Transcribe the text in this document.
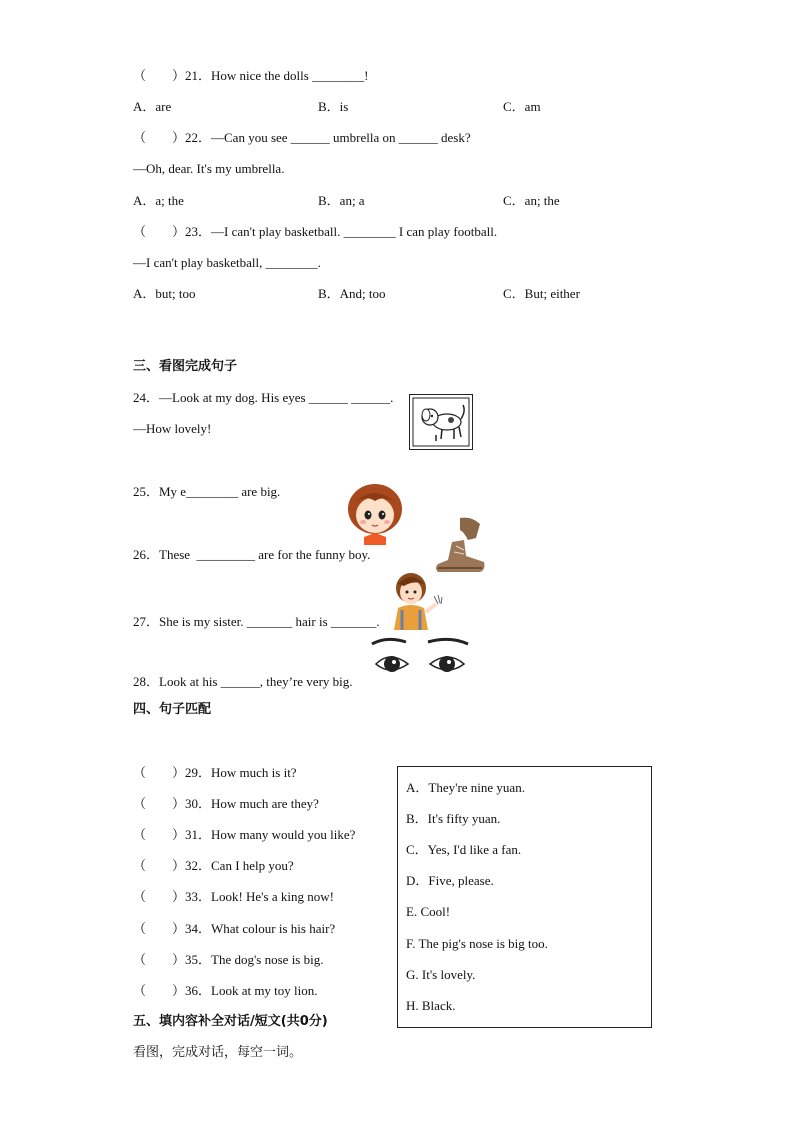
（　　）21．How nice the dolls ________!
A．are	B．is	C．am
（　　）22．—Can you see ______ umbrella on ______ desk?
—Oh, dear. It's my umbrella.
A．a; the	B．an; a	C．an; the
（　　）23．—I can't play basketball. ________ I can play football.
—I can't play basketball, ________.
A．but; too	B．And; too	C．But; either
三、看图完成句子
24．—Look at my dog. His eyes ______ ______.
—How lovely!
25．My e________ are big.
26．These  _________ are for the funny boy.
27．She is my sister. _______ hair is _______.
28．Look at his ______, they’re very big.
四、句子匹配
（　　）29．How much is it?
（　　）30．How much are they?
（　　）31．How many would you like?
（　　）32．Can I help you?
（　　）33．Look! He's a king now!
（　　）34．What colour is his hair?
（　　）35．The dog's nose is big.
（　　）36．Look at my toy lion.
A．They're nine yuan.
B．It's fifty yuan.
C．Yes, I'd like a fan.
D．Five, please.
E. Cool!
F. The pig's nose is big too.
G. It's lovely.
H. Black.
五、填内容补全对话/短文(共0分)
看图，完成对话，每空一词。
